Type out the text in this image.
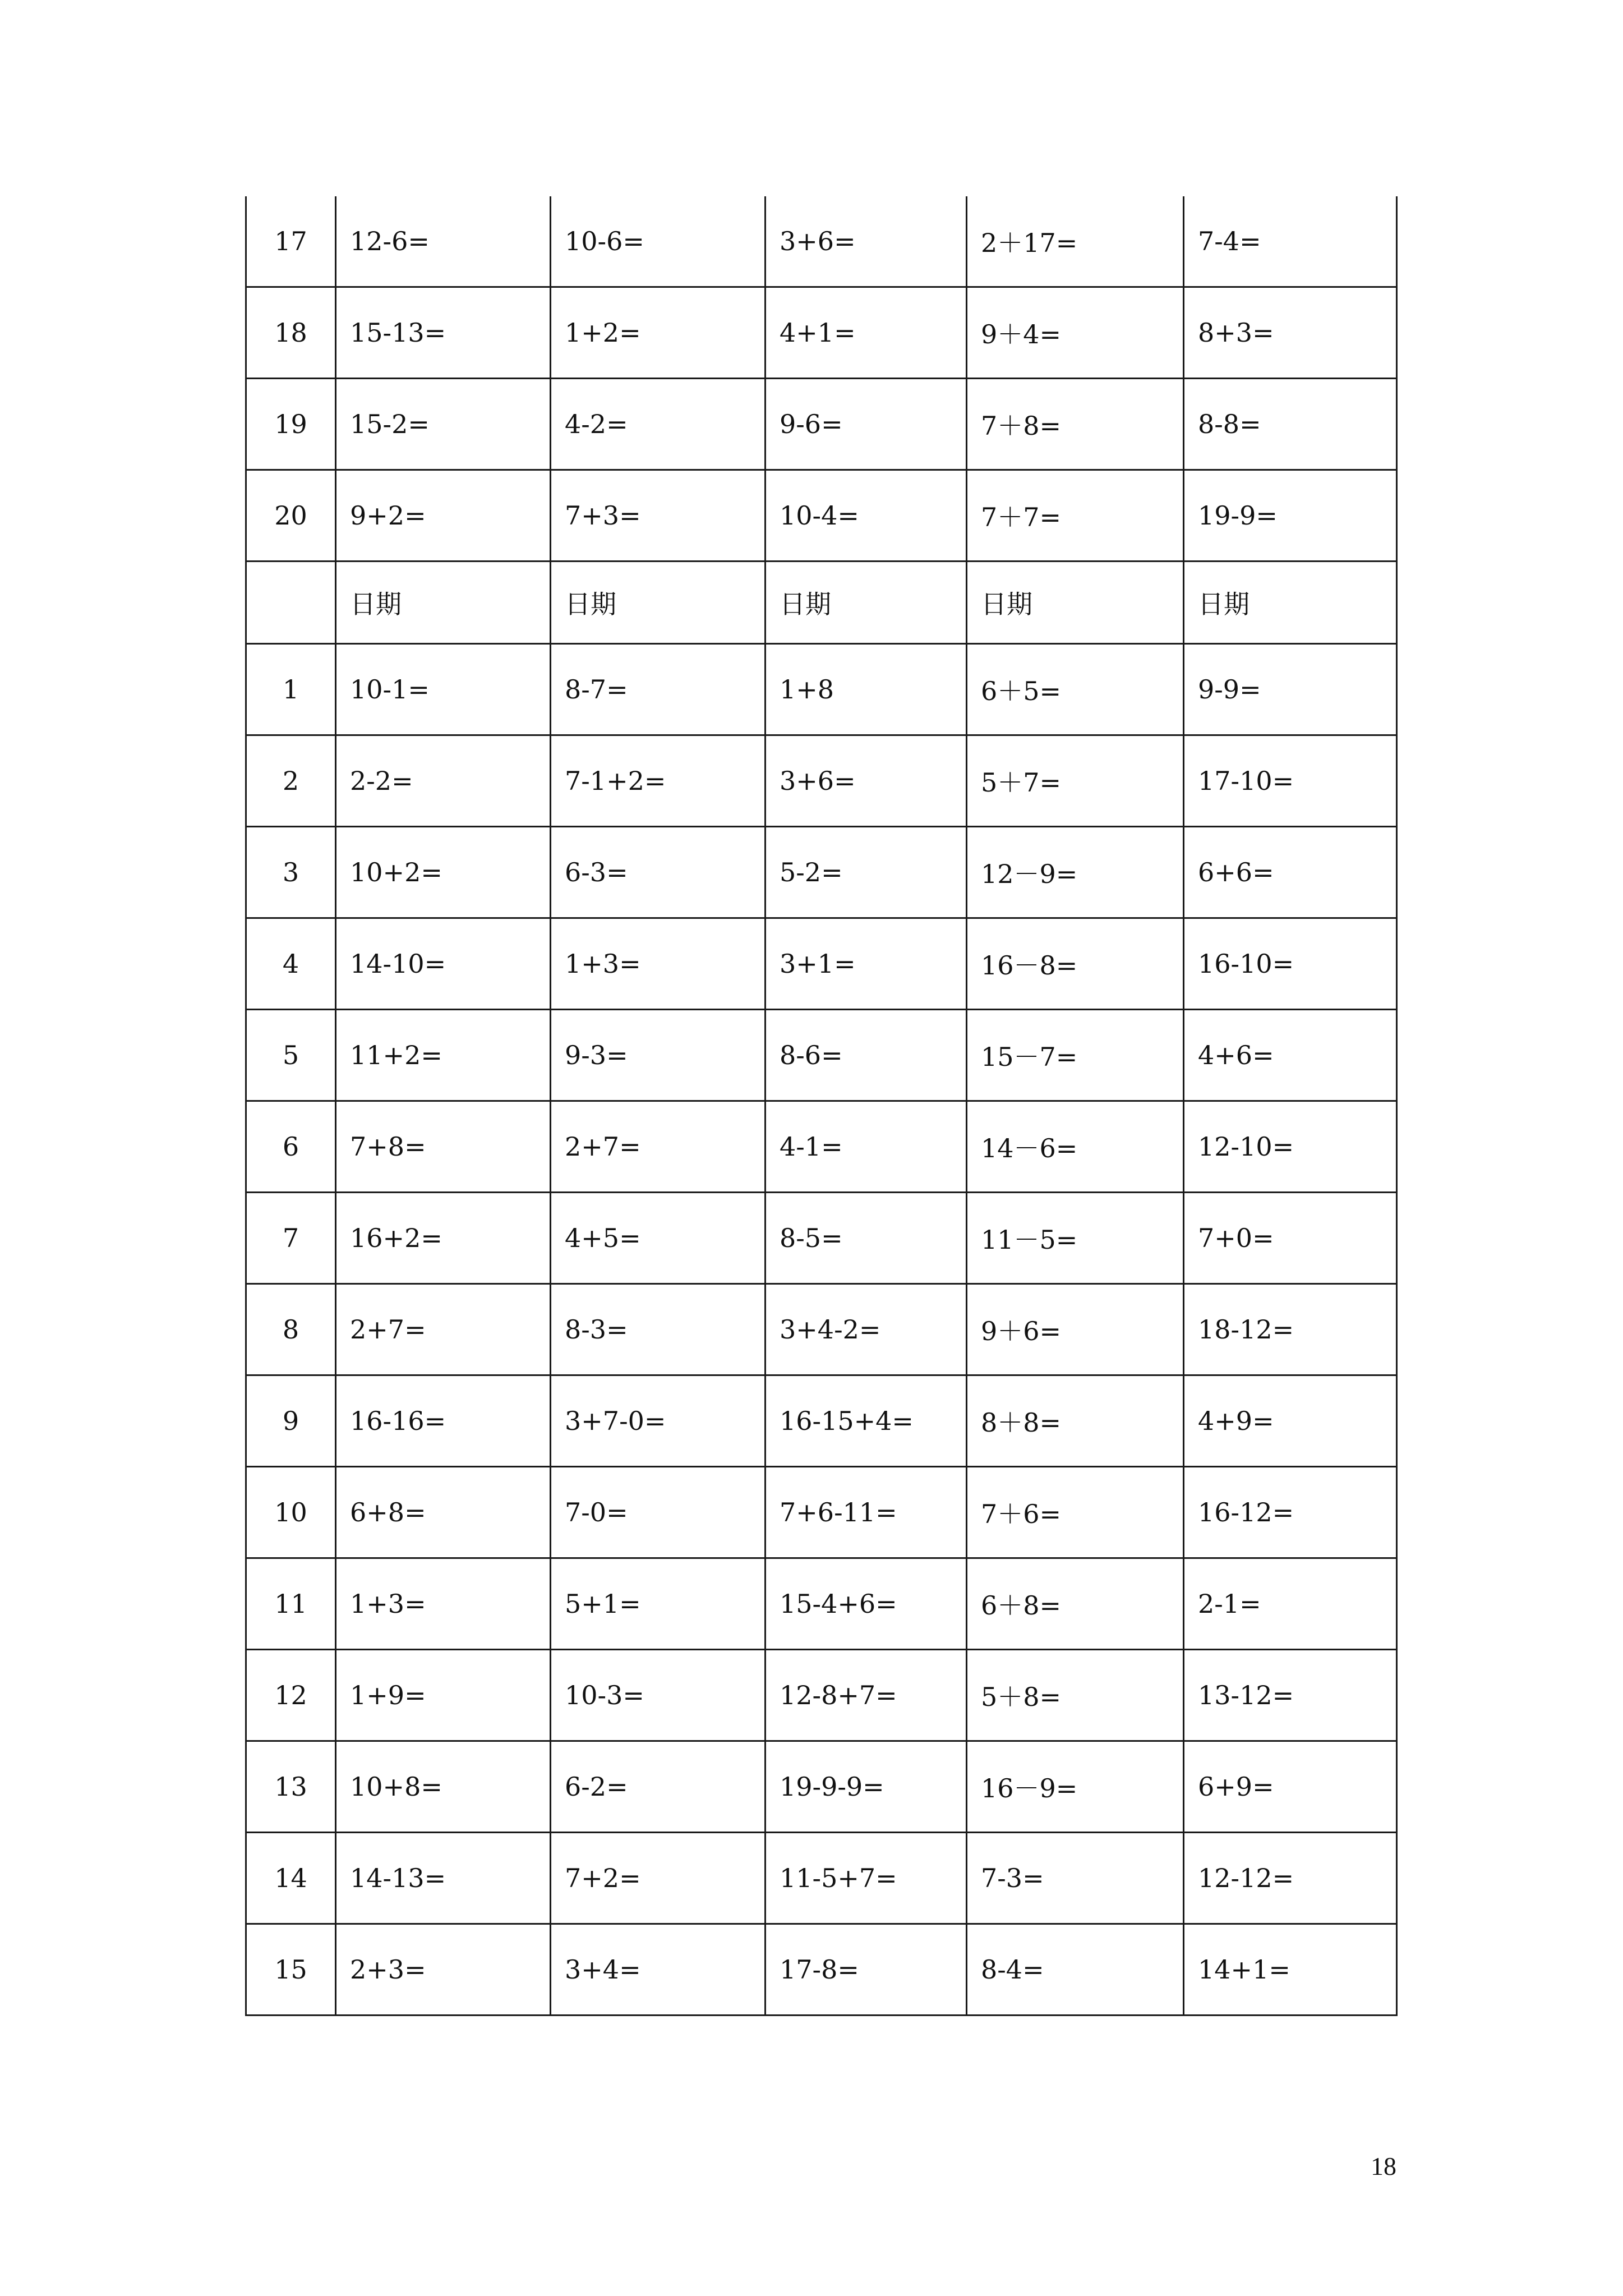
17	12-6=	10-6=	3+6=	2＋17=	7-4=
18	15-13=	1+2=	4+1=	9＋4=	8+3=
19	15-2=	4-2=	9-6=	7＋8=	8-8=
20	9+2=	7+3=	10-4=	7＋7=	19-9=
	日期	日期	日期	日期	日期
1	10-1=	8-7=	1+8	6＋5=	9-9=
2	2-2=	7-1+2=	3+6=	5＋7=	17-10=
3	10+2=	6-3=	5-2=	12－9=	6+6=
4	14-10=	1+3=	3+1=	16－8=	16-10=
5	11+2=	9-3=	8-6=	15－7=	4+6=
6	7+8=	2+7=	4-1=	14－6=	12-10=
7	16+2=	4+5=	8-5=	11－5=	7+0=
8	2+7=	8-3=	3+4-2=	9＋6=	18-12=
9	16-16=	3+7-0=	16-15+4=	8＋8=	4+9=
10	6+8=	7-0=	7+6-11=	7＋6=	16-12=
11	1+3=	5+1=	15-4+6=	6＋8=	2-1=
12	1+9=	10-3=	12-8+7=	5＋8=	13-12=
13	10+8=	6-2=	19-9-9=	16－9=	6+9=
14	14-13=	7+2=	11-5+7=	7-3=	12-12=
15	2+3=	3+4=	17-8=	8-4=	14+1=
18
